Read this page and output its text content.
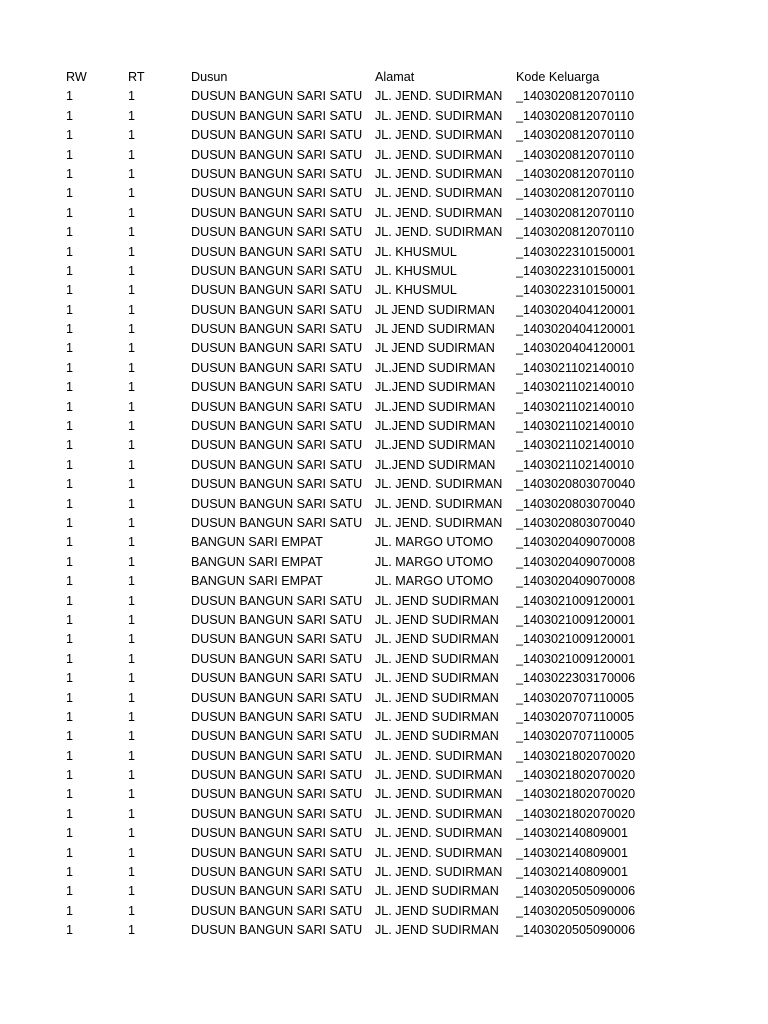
RW	RT	Dusun	Alamat	Kode Keluarga
1	1	DUSUN BANGUN SARI SATU	JL. JEND. SUDIRMAN	_1403020812070110
1	1	DUSUN BANGUN SARI SATU	JL. JEND. SUDIRMAN	_1403020812070110
1	1	DUSUN BANGUN SARI SATU	JL. JEND. SUDIRMAN	_1403020812070110
1	1	DUSUN BANGUN SARI SATU	JL. JEND. SUDIRMAN	_1403020812070110
1	1	DUSUN BANGUN SARI SATU	JL. JEND. SUDIRMAN	_1403020812070110
1	1	DUSUN BANGUN SARI SATU	JL. JEND. SUDIRMAN	_1403020812070110
1	1	DUSUN BANGUN SARI SATU	JL. JEND. SUDIRMAN	_1403020812070110
1	1	DUSUN BANGUN SARI SATU	JL. JEND. SUDIRMAN	_1403020812070110
1	1	DUSUN BANGUN SARI SATU	JL. KHUSMUL	_1403022310150001
1	1	DUSUN BANGUN SARI SATU	JL. KHUSMUL	_1403022310150001
1	1	DUSUN BANGUN SARI SATU	JL. KHUSMUL	_1403022310150001
1	1	DUSUN BANGUN SARI SATU	JL JEND SUDIRMAN	_1403020404120001
1	1	DUSUN BANGUN SARI SATU	JL JEND SUDIRMAN	_1403020404120001
1	1	DUSUN BANGUN SARI SATU	JL JEND SUDIRMAN	_1403020404120001
1	1	DUSUN BANGUN SARI SATU	JL.JEND SUDIRMAN	_1403021102140010
1	1	DUSUN BANGUN SARI SATU	JL.JEND SUDIRMAN	_1403021102140010
1	1	DUSUN BANGUN SARI SATU	JL.JEND SUDIRMAN	_1403021102140010
1	1	DUSUN BANGUN SARI SATU	JL.JEND SUDIRMAN	_1403021102140010
1	1	DUSUN BANGUN SARI SATU	JL.JEND SUDIRMAN	_1403021102140010
1	1	DUSUN BANGUN SARI SATU	JL.JEND SUDIRMAN	_1403021102140010
1	1	DUSUN BANGUN SARI SATU	JL. JEND. SUDIRMAN	_1403020803070040
1	1	DUSUN BANGUN SARI SATU	JL. JEND. SUDIRMAN	_1403020803070040
1	1	DUSUN BANGUN SARI SATU	JL. JEND. SUDIRMAN	_1403020803070040
1	1	BANGUN SARI EMPAT	JL. MARGO UTOMO	_1403020409070008
1	1	BANGUN SARI EMPAT	JL. MARGO UTOMO	_1403020409070008
1	1	BANGUN SARI EMPAT	JL. MARGO UTOMO	_1403020409070008
1	1	DUSUN BANGUN SARI SATU	JL. JEND SUDIRMAN	_1403021009120001
1	1	DUSUN BANGUN SARI SATU	JL. JEND SUDIRMAN	_1403021009120001
1	1	DUSUN BANGUN SARI SATU	JL. JEND SUDIRMAN	_1403021009120001
1	1	DUSUN BANGUN SARI SATU	JL. JEND SUDIRMAN	_1403021009120001
1	1	DUSUN BANGUN SARI SATU	JL. JEND SUDIRMAN	_1403022303170006
1	1	DUSUN BANGUN SARI SATU	JL. JEND SUDIRMAN	_1403020707110005
1	1	DUSUN BANGUN SARI SATU	JL. JEND SUDIRMAN	_1403020707110005
1	1	DUSUN BANGUN SARI SATU	JL. JEND SUDIRMAN	_1403020707110005
1	1	DUSUN BANGUN SARI SATU	JL. JEND. SUDIRMAN	_1403021802070020
1	1	DUSUN BANGUN SARI SATU	JL. JEND. SUDIRMAN	_1403021802070020
1	1	DUSUN BANGUN SARI SATU	JL. JEND. SUDIRMAN	_1403021802070020
1	1	DUSUN BANGUN SARI SATU	JL. JEND. SUDIRMAN	_1403021802070020
1	1	DUSUN BANGUN SARI SATU	JL. JEND. SUDIRMAN	_140302140809001
1	1	DUSUN BANGUN SARI SATU	JL. JEND. SUDIRMAN	_140302140809001
1	1	DUSUN BANGUN SARI SATU	JL. JEND. SUDIRMAN	_140302140809001
1	1	DUSUN BANGUN SARI SATU	JL. JEND SUDIRMAN	_1403020505090006
1	1	DUSUN BANGUN SARI SATU	JL. JEND SUDIRMAN	_1403020505090006
1	1	DUSUN BANGUN SARI SATU	JL. JEND SUDIRMAN	_1403020505090006
